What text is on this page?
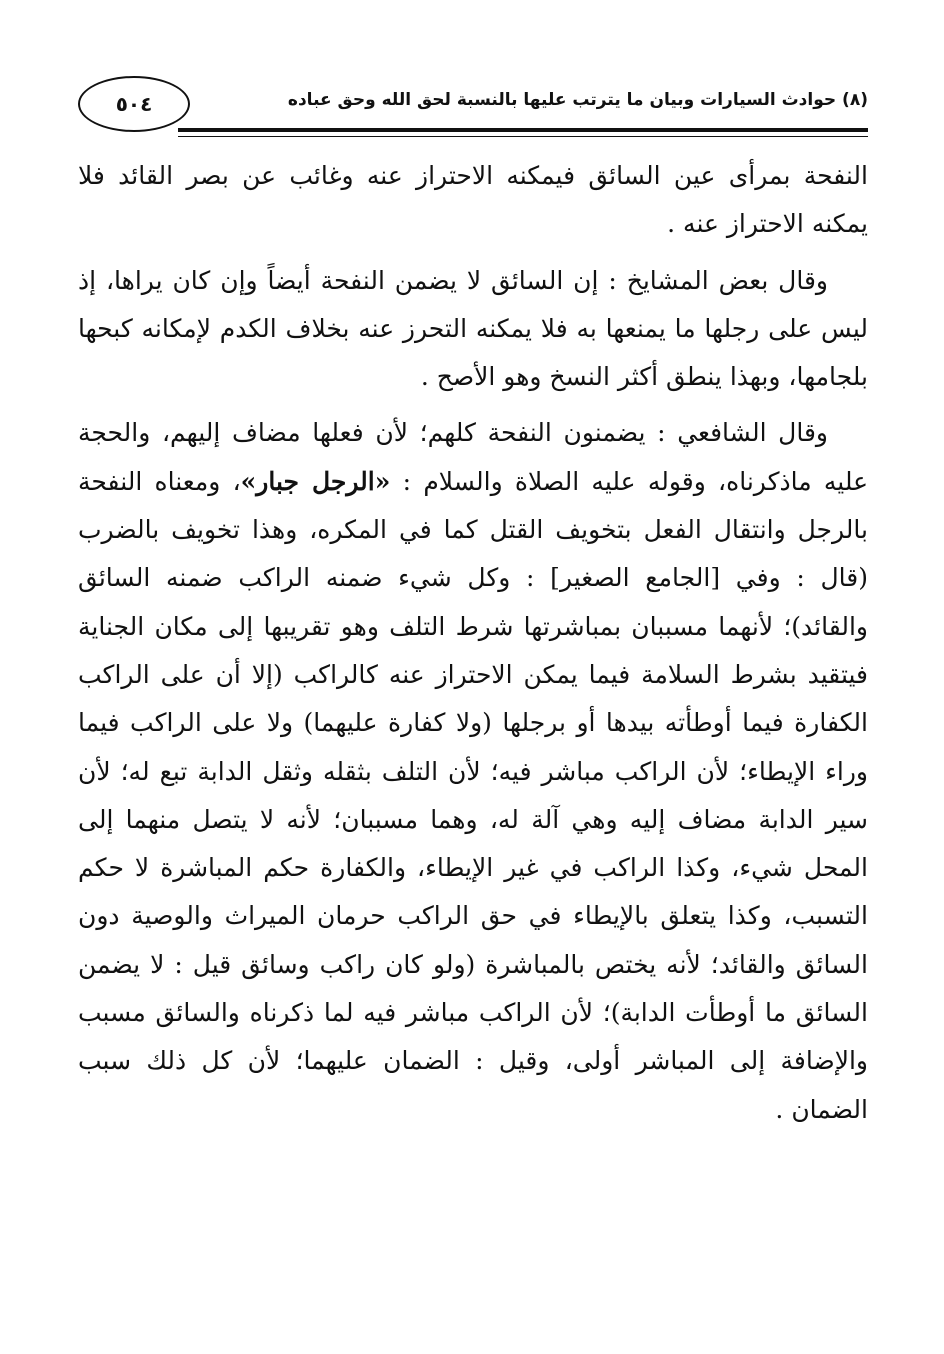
٥٠٤	(٨) حوادث السيارات وبيان ما يترتب عليها بالنسبة لحق الله وحق عباده

النفحة بمرأى عين السائق فيمكنه الاحتراز عنه وغائب عن بصر القائد فلا يمكنه الاحتراز عنه .

وقال بعض المشايخ : إن السائق لا يضمن النفحة أيضاً وإن كان يراها، إذ ليس على رجلها ما يمنعها به فلا يمكنه التحرز عنه بخلاف الكدم لإمكانه كبحها بلجامها، وبهذا ينطق أكثر النسخ وهو الأصح .

وقال الشافعي : يضمنون النفحة كلهم؛ لأن فعلها مضاف إليهم، والحجة عليه ماذكرناه، وقوله عليه الصلاة والسلام : «الرجل جبار»، ومعناه النفحة بالرجل وانتقال الفعل بتخويف القتل كما في المكره، وهذا تخويف بالضرب (قال : وفي [الجامع الصغير] : وكل شيء ضمنه الراكب ضمنه السائق والقائد)؛ لأنهما مسببان بمباشرتها شرط التلف وهو تقريبها إلى مكان الجناية فيتقيد بشرط السلامة فيما يمكن الاحتراز عنه كالراكب (إلا أن على الراكب الكفارة فيما أوطأته بيدها أو برجلها (ولا كفارة عليهما) ولا على الراكب فيما وراء الإيطاء؛ لأن الراكب مباشر فيه؛ لأن التلف بثقله وثقل الدابة تبع له؛ لأن سير الدابة مضاف إليه وهي آلة له، وهما مسببان؛ لأنه لا يتصل منهما إلى المحل شيء، وكذا الراكب في غير الإيطاء، والكفارة حكم المباشرة لا حكم التسبب، وكذا يتعلق بالإيطاء في حق الراكب حرمان الميراث والوصية دون السائق والقائد؛ لأنه يختص بالمباشرة (ولو كان راكب وسائق قيل : لا يضمن السائق ما أوطأت الدابة)؛ لأن الراكب مباشر فيه لما ذكرناه والسائق مسبب والإضافة إلى المباشر أولى، وقيل : الضمان عليهما؛ لأن كل ذلك سبب الضمان .
